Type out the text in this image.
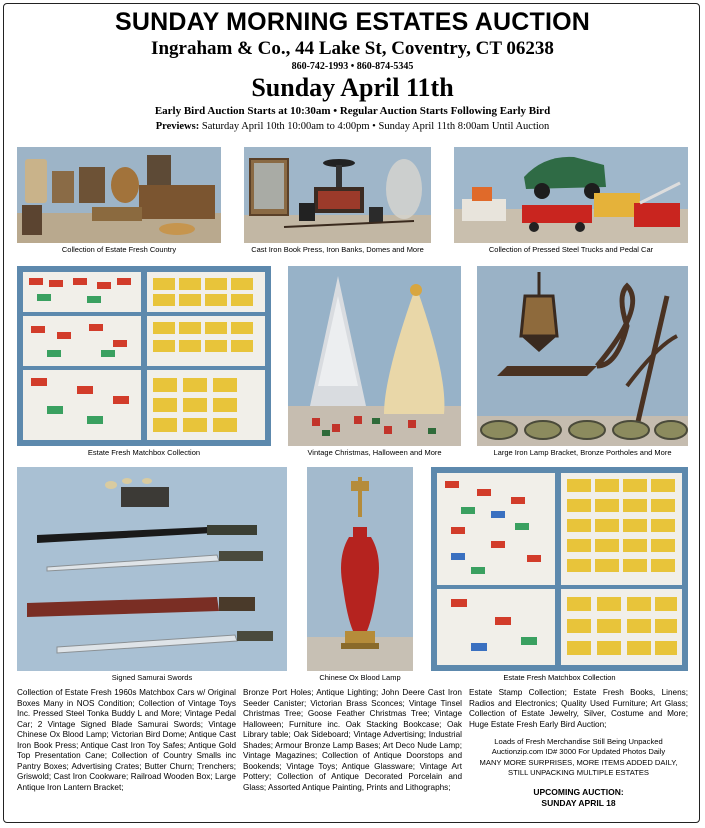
SUNDAY MORNING ESTATES AUCTION
Ingraham & Co., 44 Lake St, Coventry, CT 06238
860-742-1993 • 860-874-5345
Sunday April 11th
Early Bird Auction Starts at 10:30am • Regular Auction Starts Following Early Bird
Previews: Saturday April 10th 10:00am to 4:00pm • Sunday April 11th 8:00am Until Auction
Collection of Estate Fresh Country	Cast Iron Book Press, Iron Banks, Domes and More	Collection of Pressed Steel Trucks and Pedal Car
Estate Fresh Matchbox Collection	Vintage Christmas, Halloween and More	Large Iron Lamp Bracket, Bronze Portholes and More
Signed Samurai Swords	Chinese Ox Blood Lamp	Estate Fresh Matchbox Collection
Collection of Estate Fresh 1960s Matchbox Cars w/ Original Boxes Many in NOS Condition; Collection of Vintage Toys Inc. Pressed Steel Tonka Buddy L and More; Vintage Pedal Car; 2 Vintage Signed Blade Samurai Swords; Vintage Chinese Ox Blood Lamp; Victorian Bird Dome; Antique Cast Iron Book Press; Antique Cast Iron Toy Safes; Antique Gold Top Presentation Cane; Collection of Country Smalls inc Pantry Boxes; Advertising Crates; Butter Churn; Trenchers; Griswold; Cast Iron Cookware; Railroad Wooden Box; Large Antique Iron Lantern Bracket;
Bronze Port Holes; Antique Lighting; John Deere Cast Iron Seeder Canister; Victorian Brass Sconces; Vintage Tinsel Christmas Tree; Goose Feather Christmas Tree; Vintage Halloween; Furniture inc. Oak Stacking Bookcase; Oak Library table; Oak Sideboard; Vintage Advertising; Industrial Shades; Armour Bronze Lamp Bases; Art Deco Nude Lamp; Vintage Magazines; Collection of Antique Doorstops and Bookends; Vintage Toys; Antique Glassware; Vintage Art Pottery; Collection of Antique Decorated Porcelain and Glass; Assorted Antique Painting, Prints and Lithographs;
Estate Stamp Collection; Estate Fresh Books, Linens; Radios and Electronics; Quality Used Furniture; Art Glass; Collection of Estate Jewelry, Silver, Costume and More; Huge Estate Fresh Early Bird Auction;
Loads of Fresh Merchandise Still Being Unpacked Auctionzip.com ID# 3000 For Updated Photos Daily
MANY MORE SURPRISES, MORE ITEMS ADDED DAILY, STILL UNPACKING MULTIPLE ESTATES
UPCOMING AUCTION:
SUNDAY APRIL 18
